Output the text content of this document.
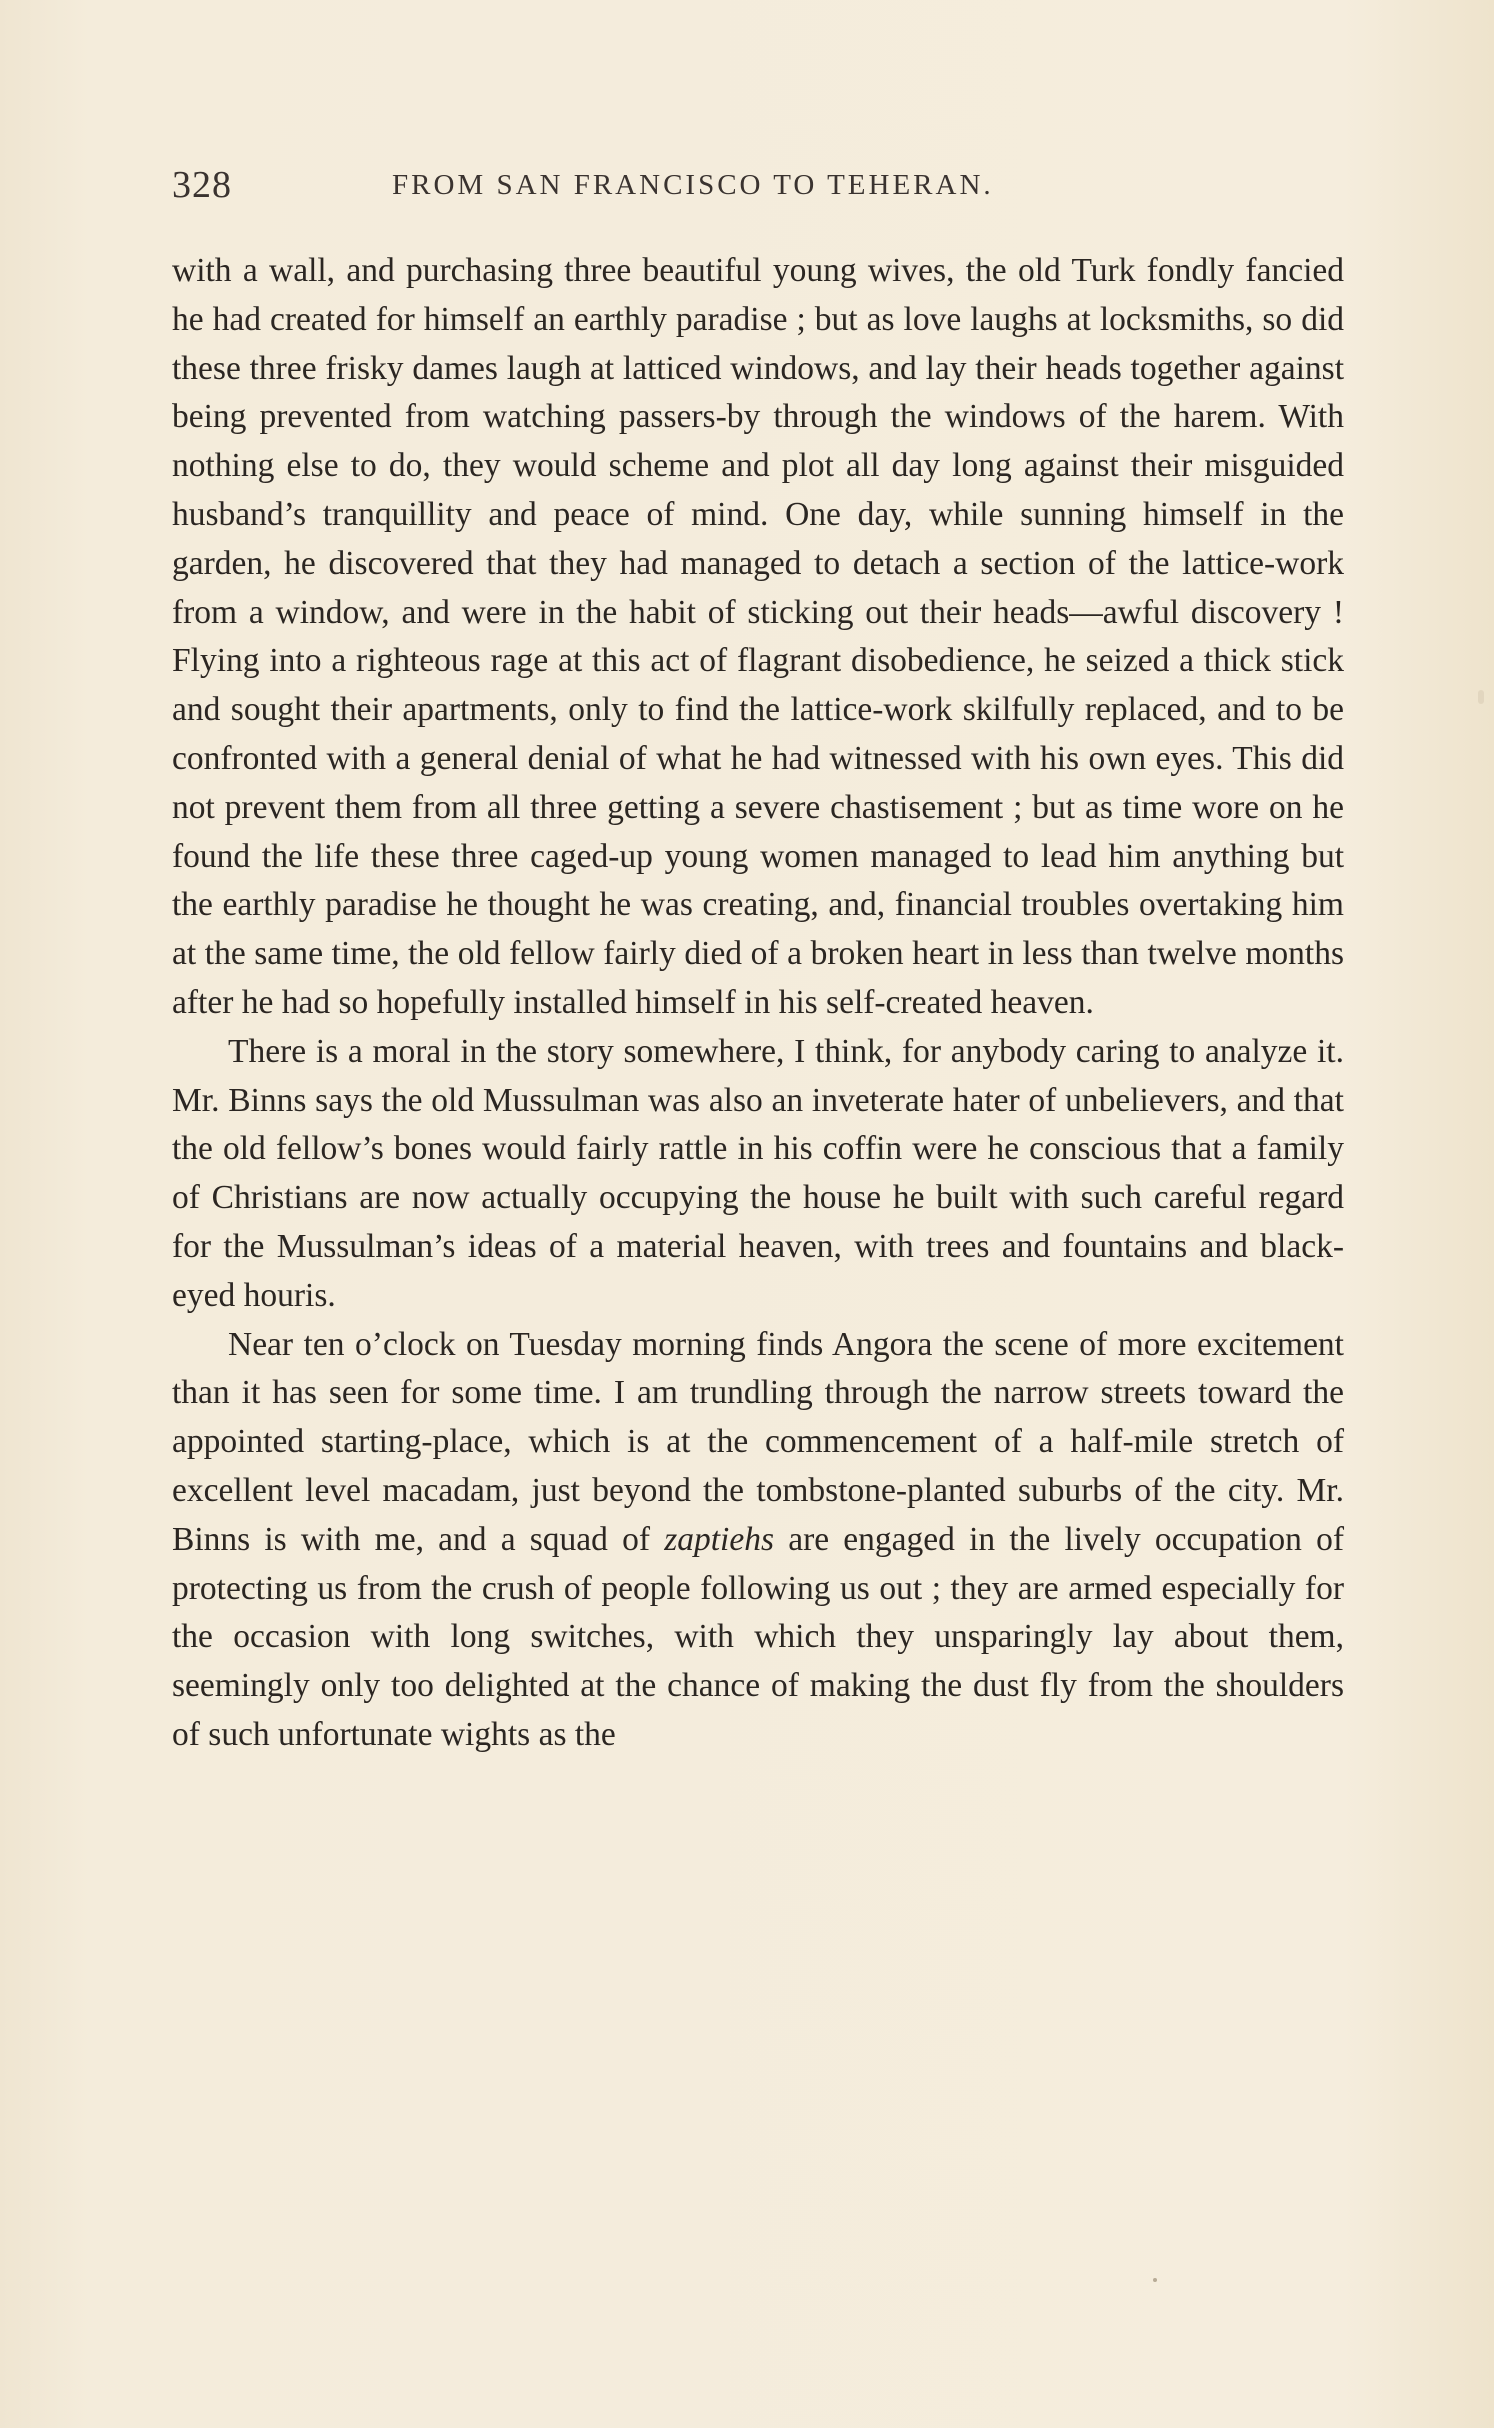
328	FROM SAN FRANCISCO TO TEHERAN.

with a wall, and purchasing three beautiful young wives, the old Turk fondly fancied he had created for himself an earthly paradise ; but as love laughs at locksmiths, so did these three frisky dames laugh at latticed windows, and lay their heads together against being prevented from watching passers-by through the windows of the harem. With nothing else to do, they would scheme and plot all day long against their misguided husband’s tranquillity and peace of mind. One day, while sunning himself in the garden, he discovered that they had managed to detach a section of the lattice-work from a window, and were in the habit of sticking out their heads—awful discovery ! Flying into a righteous rage at this act of flagrant disobedience, he seized a thick stick and sought their apartments, only to find the lattice-work skilfully replaced, and to be confronted with a general denial of what he had witnessed with his own eyes. This did not prevent them from all three getting a severe chastisement ; but as time wore on he found the life these three caged-up young women managed to lead him anything but the earthly paradise he thought he was creating, and, financial troubles overtaking him at the same time, the old fellow fairly died of a broken heart in less than twelve months after he had so hopefully installed himself in his self-created heaven.

There is a moral in the story somewhere, I think, for anybody caring to analyze it. Mr. Binns says the old Mussulman was also an inveterate hater of unbelievers, and that the old fellow’s bones would fairly rattle in his coffin were he conscious that a family of Christians are now actually occupying the house he built with such careful regard for the Mussulman’s ideas of a material heaven, with trees and fountains and black-eyed houris.

Near ten o’clock on Tuesday morning finds Angora the scene of more excitement than it has seen for some time. I am trundling through the narrow streets toward the appointed starting-place, which is at the commencement of a half-mile stretch of excellent level macadam, just beyond the tombstone-planted suburbs of the city. Mr. Binns is with me, and a squad of zaptiehs are engaged in the lively occupation of protecting us from the crush of people following us out ; they are armed especially for the occasion with long switches, with which they unsparingly lay about them, seemingly only too delighted at the chance of making the dust fly from the shoulders of such unfortunate wights as the
